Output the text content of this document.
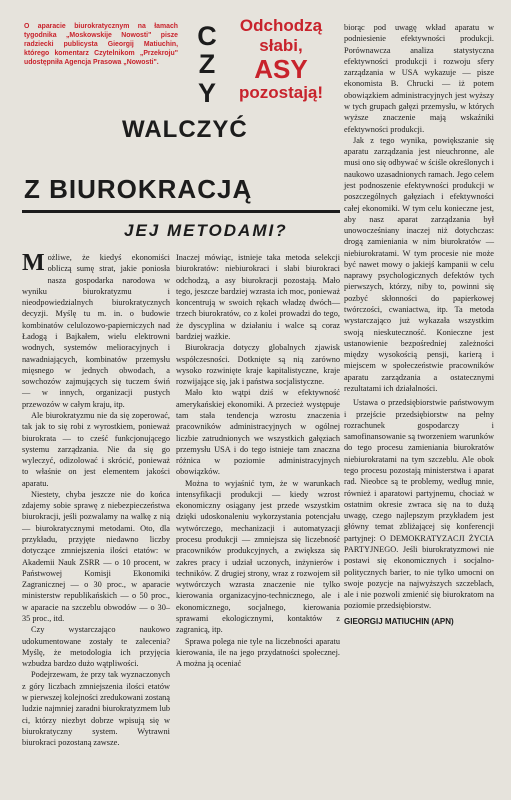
O aparacie biurokratycznym na łamach tygodnika „Moskowskije Nowosti" pisze radziecki publicysta Gieorgij Matiuchin, którego komentarz Czytelnikom „Przekroju" udostępniła Agencja Prasowa „Nowosti".

C
Z
Y
Odchodzą
słabi,
ASY
pozostają!
WALCZYĆ
Z BIUROKRACJĄ
JEJ METODAMI?

Możliwe, że kiedyś ekonomiści obliczą sumę strat, jakie poniosła nasza gospodarka narodowa w wyniku biurokratyzmu i nieodpowiedzialnych biurokratycznych decyzji. Myślę tu m. in. o budowie kombinatów celulozowo-papierniczych nad Ładogą i Bajkałem, wielu elektrowni wodnych, systemów melioracyjnych i nawadniających, kombinatów przemysłu mięsnego w jednych obwodach, a sowchozów zajmujących się tuczem świń — w innych, organizacji pustych przewozów w całym kraju, itp.

Ale biurokratyzmu nie da się zoperować, tak jak to się robi z wyrostkiem, ponieważ biurokrata — to cześć funkcjonującego systemu zarządzania. Nie da się go wyleczyć, odizolować i skrócić, ponieważ to właśnie on jest elementem jakości aparatu.

Niestety, chyba jeszcze nie do końca zdajemy sobie sprawę z niebezpieczeństwa biurokracji, jeśli pozwalamy na walkę z nią — biurokratycznymi metodami. Oto, dla przykładu, przyjęte niedawno liczby dotyczące zmniejszenia ilości etatów: w Akademii Nauk ZSRR — o 10 procent, w Państwowej Komisji Ekonomiki Zagranicznej — o 30 proc., w aparacie ministerstw republikańskich — o 50 proc., w aparacie na szczeblu obwodów — o 30–35 proc., itd.

Czy wystarczająco naukowo udokumentowane zostały te zalecenia? Myślę, że metodologia ich przyjęcia wzbudza bardzo dużo wątpliwości.

Podejrzewam, że przy tak wyznaczonych z góry liczbach zmniejszenia ilości etatów w pierwszej kolejności zredukowani zostaną ludzie najmniej zaradni biurokratyzmem lub ci, którzy niezbyt dobrze wpisują się w biurokratyczny system. Wytrawni biurokraci pozostaną zawsze.

Inaczej mówiąc, istnieje taka metoda selekcji biurokratów: niebiurokraci i słabi biurokraci odchodzą, a asy biurokracji pozostają. Mało tego, jeszcze bardziej wzrasta ich moc, ponieważ koncentrują w swoich rękach władzę dwóch—trzech biurokratów, co z kolei prowadzi do tego, że dyscyplina w działaniu i walce są coraz bardziej ważkie.

Biurokracja dotyczy globalnych zjawisk współczesności. Dotknięte są nią zarówno wysoko rozwinięte kraje kapitalistyczne, kraje rozwijające się, jak i państwa socjalistyczne.

Mało kto wątpi dziś w efektywność amerykańskiej ekonomiki. A przecież występuje tam stała tendencja wzrostu znaczenia pracowników administracyjnych w ogólnej liczbie zatrudnionych we wszystkich gałęziach przemysłu USA i do tego istnieje tam znaczna różnica w poziomie administracyjnych obowiązków.

Można to wyjaśnić tym, że w warunkach intensyfikacji produkcji — kiedy wzrost ekonomiczny osiągany jest przede wszystkim dzięki udoskonaleniu wykorzystania potencjału wytwórczego, mechanizacji i automatyzacji procesu produkcji — zmniejsza się liczebność pracowników produkcyjnych, a zwiększa się zakres pracy i udział uczonych, inżynierów i techników. Z drugiej strony, wraz z rozwojem sił wytwórczych wzrasta znaczenie nie tylko kierowania organizacyjno-technicznego, ale i ekonomicznego, socjalnego, kierowania sprawami ekologicznymi, kontaktów z zagranicą, itp.

Sprawa polega nie tyle na liczebności aparatu kierowania, ile na jego przydatności społecznej. A można ją oceniać

biorąc pod uwagę wkład aparatu w podniesienie efektywności produkcji. Porównawcza analiza statystyczna efektywności produkcji i rozwoju sfery zarządzania w USA wykazuje — pisze ekonomista B. Chrucki — iż potem obowiązkiem administracyjnych jest wyższy w tych grupach gałęzi przemysłu, w których wyższe znaczenie mają wskaźniki efektywności produkcji.

Jak z tego wynika, powiększanie się aparatu zarządzania jest nieuchronne, ale musi ono się odbywać w ściśle określonych i naukowo uzasadnionych ramach. Jego celem jest podnoszenie efektywności produkcji w poszczególnych gałęziach i efektywności całej ekonomiki. W tym celu konieczne jest, aby nasz aparat zarządzania był unowocześniany inaczej niż dotychczas: drogą zamieniania w nim biurokratów — niebiurokratami. W tym procesie nie może być nawet mowy o jakiejś kampanii w celu naprawy psychologicznych defektów tych pierwszych, którzy, niby to, powinni się pozbyć skłonności do papierkowej twórczości, cwaniactwa, itp. Ta metoda wystarczająco już wykazała wszystkim swoją nieskuteczność. Konieczne jest ustanowienie bezpośredniej zależności między wysokością pensji, karierą i miejscem w społeczeństwie pracowników aparatu zarządzania a ostatecznymi rezultatami ich działalności.

Ustawa o przedsiębiorstwie państwowym i przejście przedsiębiorstw na pełny rozrachunek gospodarczy i samofinansowanie są tworzeniem warunków do tego procesu zamieniania biurokratów niebiurokratami na tym szczeblu. Ale obok tego procesu pozostają ministerstwa i aparat rad. Nieobce są te problemy, według mnie, również i aparatowi partyjnemu, chociaż w ostatnim okresie zwraca się na to dużą uwagę, czego najlepszym przykładem jest główny temat zbliżającej się konferencji partyjnej: O DEMOKRATYZACJI ŻYCIA PARTYJNEGO. Jeśli biurokratyzmowi nie postawi się ekonomicznych i socjalno-politycznych barier, to nie tylko umocni on swoje pozycje na najwyższych szczeblach, ale i nie pozwoli zmienić się biurokratom na poziomie przedsiębiorstw.

GIEORGIJ MATIUCHIN (APN)
